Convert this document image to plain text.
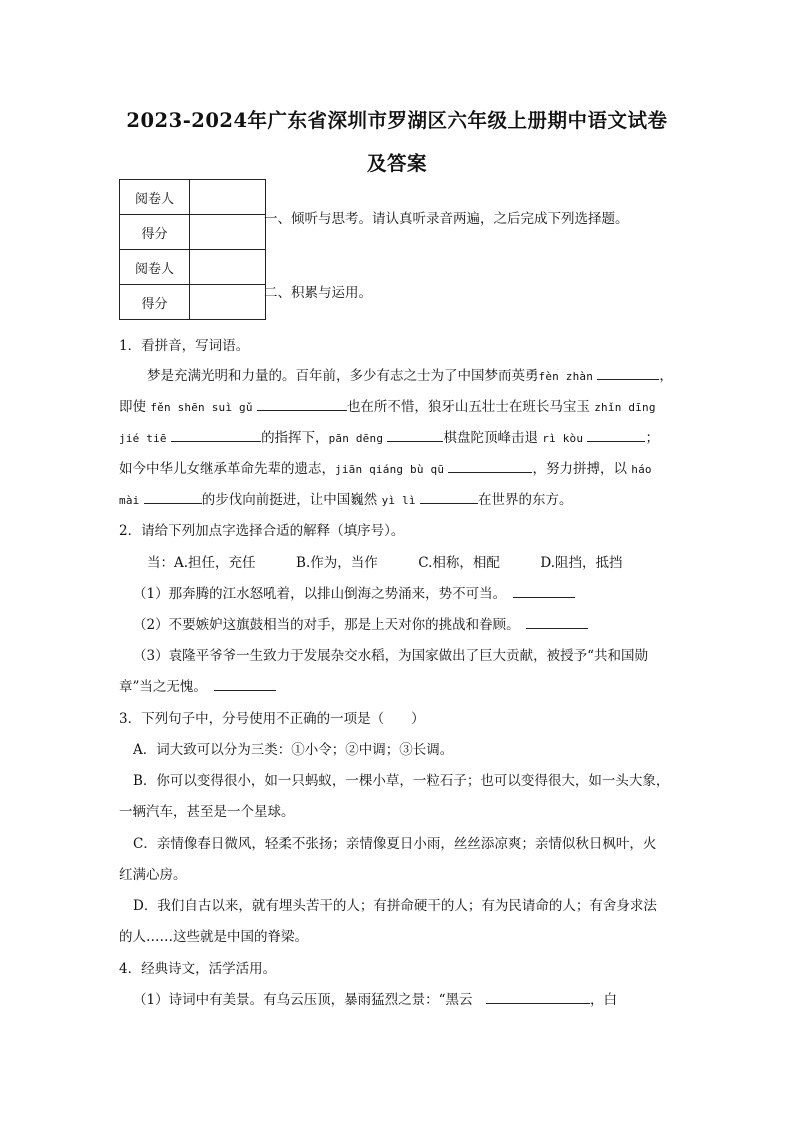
2023-2024年广东省深圳市罗湖区六年级上册期中语文试卷
及答案
阅卷人	
得分	
阅卷人	
得分	
一、倾听与思考。请认真听录音两遍，之后完成下列选择题。
二、积累与运用。
1．看拼音，写词语。
梦是充满光明和力量的。百年前，多少有志之士为了中国梦而英勇fèn zhàn	，
即使 fěn shēn suì gǔ	也在所不惜，狼牙山五壮士在班长马宝玉 zhǐn dīng
jié tiē	的指挥下，pān dēng	棋盘陀顶峰击退 rì kòu	；
如今中华儿女继承革命先辈的遗志，jiān qiáng bù qū	，努力拼搏，以 háo
mài	的步伐向前挺进，让中国巍然 yì lì	在世界的东方。
2．请给下列加点字选择合适的解释（填序号）。
当：A.担任，充任　　　B.作为，当作　　　C.相称，相配　　　D.阻挡，抵挡
（1）那奔腾的江水怒吼着，以排山倒海之势涌来，势不可当。　
（2）不要嫉妒这旗鼓相当的对手，那是上天对你的挑战和眷顾。　
（3）袁隆平爷爷一生致力于发展杂交水稻，为国家做出了巨大贡献，被授予“共和国勋
章”当之无愧。　
3．下列句子中，分号使用不正确的一项是（　　）
A．词大致可以分为三类：①小令；②中调；③长调。
B．你可以变得很小，如一只蚂蚁，一棵小草，一粒石子；也可以变得很大，如一头大象，
一辆汽车，甚至是一个星球。
C．亲情像春日微风，轻柔不张扬；亲情像夏日小雨，丝丝添凉爽；亲情似秋日枫叶，火
红满心房。
D．我们自古以来，就有埋头苦干的人；有拼命硬干的人；有为民请命的人；有舍身求法
的人……这些就是中国的脊梁。
4．经典诗文，活学活用。
（1）诗词中有美景。有乌云压顶，暴雨猛烈之景：“黑云　	，白
